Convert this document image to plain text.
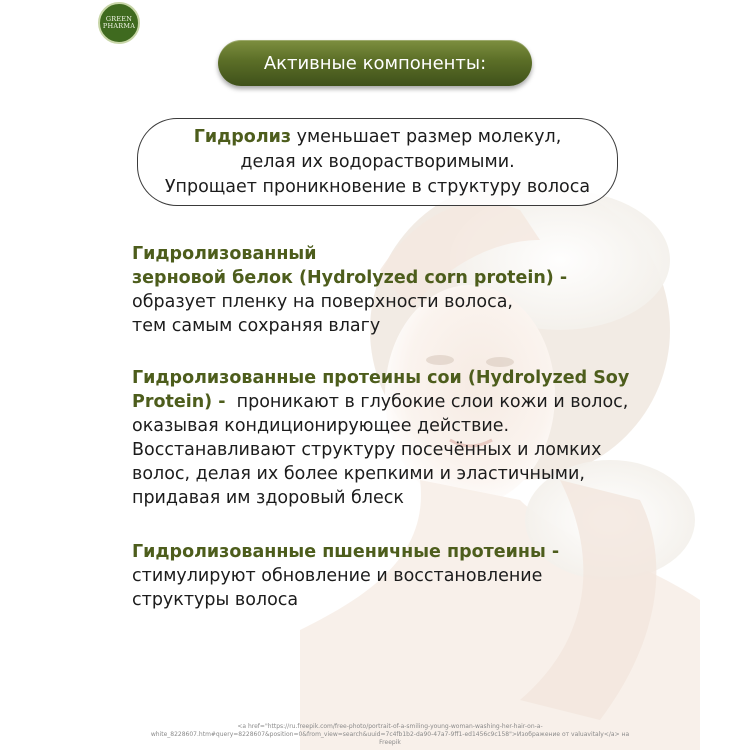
GREEN
PHARMA
Активные компоненты:
Гидролиз уменьшает размер молекул,
делая их водорастворимыми.
Упрощает проникновение в структуру волоса
Гидролизованный
зерновой белок (Hydrolyzed corn protein) -
образует пленку на поверхности волоса,
тем самым сохраняя влагу
Гидролизованные протеины сои (Hydrolyzed Soy
Protein) -  проникают в глубокие слои кожи и волос,
оказывая кондиционирующее действие.
Восстанавливают структуру посечённых и ломких
волос, делая их более крепкими и эластичными,
придавая им здоровый блеск
Гидролизованные пшеничные протеины -
стимулируют обновление и восстановление
структуры волоса
<a href="https://ru.freepik.com/free-photo/portrait-of-a-smiling-young-woman-washing-her-hair-on-a-
white_8228607.htm#query=8228607&position=0&from_view=search&uuid=7c4fb1b2-da90-47a7-9ff1-ed1456c9c158">Изображение от valuavitaly</a> на Freepik
